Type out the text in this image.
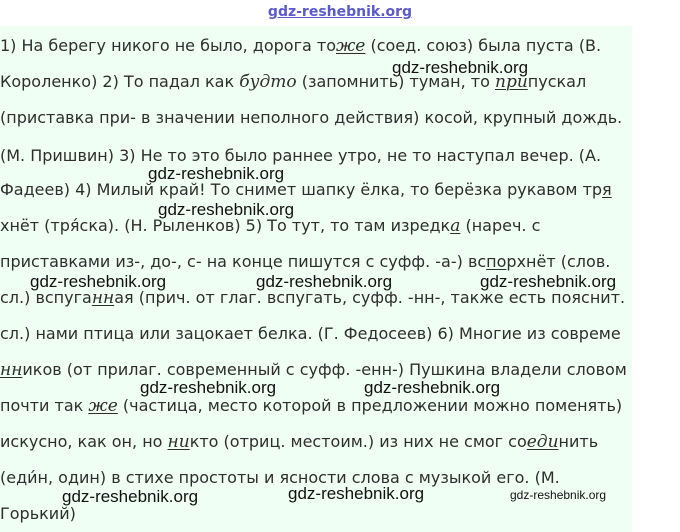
gdz-reshebnik.org
1) На берегу никого не было, дорога тоже (соед. союз) была пуста (В.
Короленко) 2) То падал как будто (запомнить) туман, то припускал
(приставка при- в значении неполного действия) косой, крупный дождь.
(М. Пришвин) 3) Не то это было раннее утро, не то наступал вечер. (А.
Фадеев) 4) Милый край! То снимет шапку ёлка, то берёзка рукавом тря
хнёт (тря́ска). (Н. Рыленков) 5) То тут, то там изредка (нареч. с
приставками из-, до-, с- на конце пишутся с суфф. -а-) вспорхнёт (слов.
сл.) вспуганная (прич. от глаг. вспугать, суфф. -нн-, также есть пояснит.
сл.) нами птица или зацокает белка. (Г. Федосеев) 6) Многие из совреме
нников (от прилаг. современный с суфф. -енн-) Пушкина владели словом
почти так же (частица, место которой в предложении можно поменять)
искусно, как он, но никто (отриц. местоим.) из них не смог соединить
(еди́н, один) в стихе простоты и ясности слова с музыкой его. (М.
Горький)
gdz-reshebnik.org
gdz-reshebnik.org
gdz-reshebnik.org
gdz-reshebnik.org	gdz-reshebnik.org	gdz-reshebnik.org
gdz-reshebnik.org	gdz-reshebnik.org
gdz-reshebnik.org	gdz-reshebnik.org	gdz-reshebnik.org
